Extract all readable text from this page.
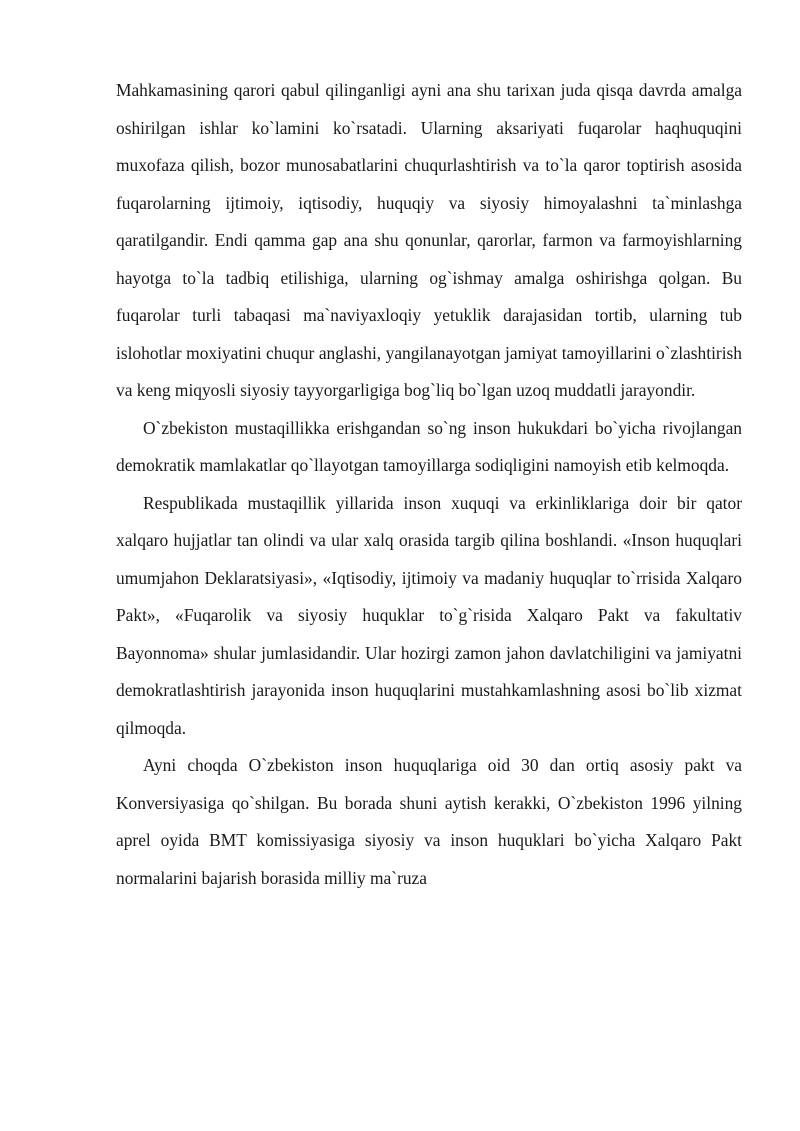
Mahkamasining qarori qabul qilinganligi ayni ana shu tarixan juda qisqa davrda amalga oshirilgan ishlar ko`lamini ko`rsatadi. Ularning aksariyati fuqarolar haqhuquqini muxofaza qilish, bozor munosabatlarini chuqurlashtirish va to`la qaror toptirish asosida fuqarolarning ijtimoiy, iqtisodiy, huquqiy va siyosiy himoyalashni ta`minlashga qaratilgandir. Endi qamma gap ana shu qonunlar, qarorlar, farmon va farmoyishlarning hayotga to`la tadbiq etilishiga, ularning og`ishmay amalga oshirishga qolgan. Bu fuqarolar turli tabaqasi ma`naviyaxloqiy yetuklik darajasidan tortib, ularning tub islohotlar moxiyatini chuqur anglashi, yangilanayotgan jamiyat tamoyillarini o`zlashtirish va keng miqyosli siyosiy tayyorgarligiga bog`liq bo`lgan uzoq muddatli jarayondir.

O`zbekiston mustaqillikka erishgandan so`ng inson hukukdari bo`yicha rivojlangan demokratik mamlakatlar qo`llayotgan tamoyillarga sodiqligini namoyish etib kelmoqda.

Respublikada mustaqillik yillarida inson xuquqi va erkinliklariga doir bir qator xalqaro hujjatlar tan olindi va ular xalq orasida targib qilina boshlandi. «Inson huquqlari umumjahon Deklaratsiyasi», «Iqtisodiy, ijtimoiy va madaniy huquqlar to`rrisida Xalqaro Pakt», «Fuqarolik va siyosiy huquklar to`g`risida Xalqaro Pakt va fakultativ Bayonnoma» shular jumlasidandir. Ular hozirgi zamon jahon davlatchiligini va jamiyatni demokratlashtirish jarayonida inson huquqlarini mustahkamlashning asosi bo`lib xizmat qilmoqda.

Ayni choqda O`zbekiston inson huquqlariga oid 30 dan ortiq asosiy pakt va Konversiyasiga qo`shilgan. Bu borada shuni aytish kerakki, O`zbekiston 1996 yilning aprel oyida BMT komissiyasiga siyosiy va inson huquklari bo`yicha Xalqaro Pakt normalarini bajarish borasida milliy ma`ruza
